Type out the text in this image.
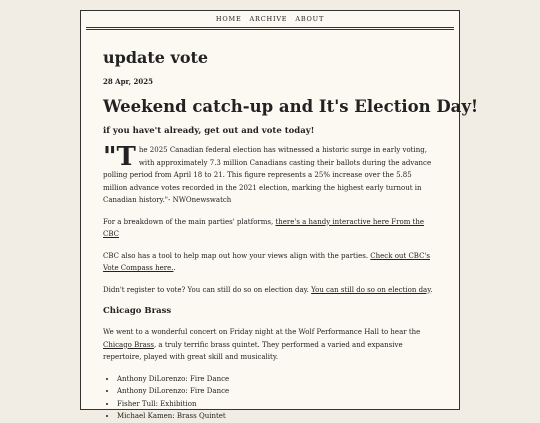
HOME ARCHIVE ABOUT
update vote
28 Apr, 2025
Weekend catch-up and It's Election Day!
if you have't already, get out and vote today!

"T he 2025 Canadian federal election has witnessed a historic surge in early voting, with approximately 7.3 million Canadians casting their ballots during the advance polling period from April 18 to 21. This figure represents a 25% increase over the 5.85 million advance votes recorded in the 2021 election, marking the highest early turnout in Canadian history."- NWOnewswatch

For a breakdown of the main parties' platforms, there's a handy interactive here From the CBC

CBC also has a tool to help map out how your views align with the parties. Check out CBC's Vote Compass here..

Didn't register to vote? You can still do so on election day. You can still do so on election day.

Chicago Brass

We went to a wonderful concert on Friday night at the Wolf Performance Hall to hear the Chicago Brass, a truly terrific brass quintet. They performed a varied and expansive repertoire, played with great skill and musicality.

• Anthony DiLorenzo: Fire Dance
• Anthony DiLorenzo: Fire Dance
• Fisher Tull: Exhibition
• Michael Kamen: Brass Quintet
